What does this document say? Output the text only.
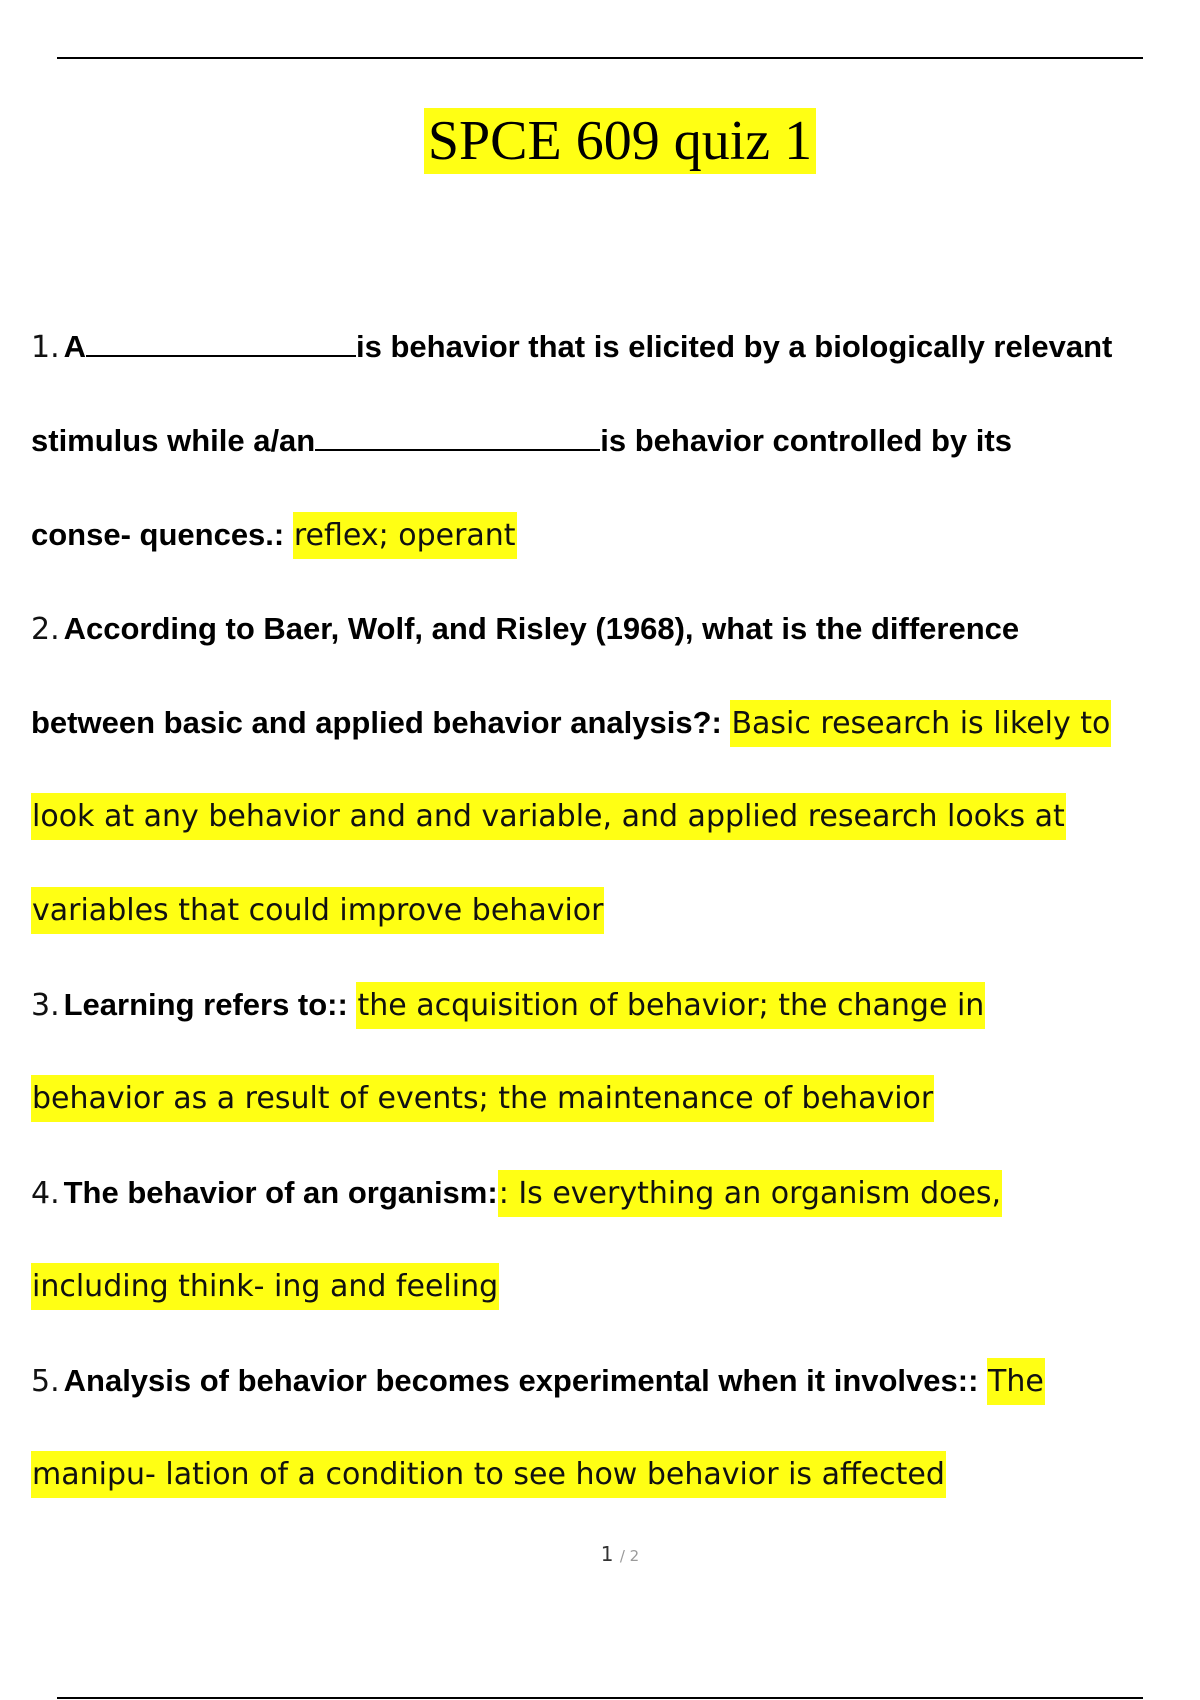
SPCE 609 quiz 1
1. A	is behavior that is elicited by a biologically relevant
stimulus while a/an	is behavior controlled by its
conse- quences.: reflex; operant
2. According to Baer, Wolf, and Risley (1968), what is the difference
between basic and applied behavior analysis?: Basic research is likely to
look at any behavior and and variable, and applied research looks at
variables that could improve behavior
3. Learning refers to:: the acquisition of behavior; the change in
behavior as a result of events; the maintenance of behavior
4. The behavior of an organism:: Is everything an organism does,
including think- ing and feeling
5. Analysis of behavior becomes experimental when it involves:: The
manipu- lation of a condition to see how behavior is affected
1 / 2
